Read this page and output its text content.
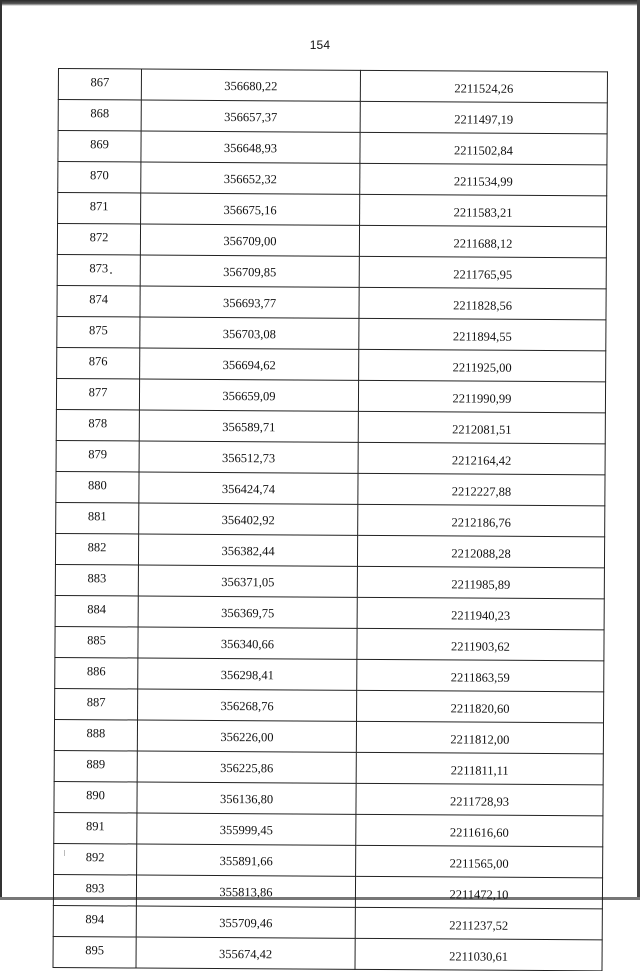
154
867	356680,22	2211524,26
868	356657,37	2211497,19
869	356648,93	2211502,84
870	356652,32	2211534,99
871	356675,16	2211583,21
872	356709,00	2211688,12
873	356709,85	2211765,95
874	356693,77	2211828,56
875	356703,08	2211894,55
876	356694,62	2211925,00
877	356659,09	2211990,99
878	356589,71	2212081,51
879	356512,73	2212164,42
880	356424,74	2212227,88
881	356402,92	2212186,76
882	356382,44	2212088,28
883	356371,05	2211985,89
884	356369,75	2211940,23
885	356340,66	2211903,62
886	356298,41	2211863,59
887	356268,76	2211820,60
888	356226,00	2211812,00
889	356225,86	2211811,11
890	356136,80	2211728,93
891	355999,45	2211616,60
892	355891,66	2211565,00
893	355813,86	2211472,10
894	355709,46	2211237,52
895	355674,42	2211030,61
